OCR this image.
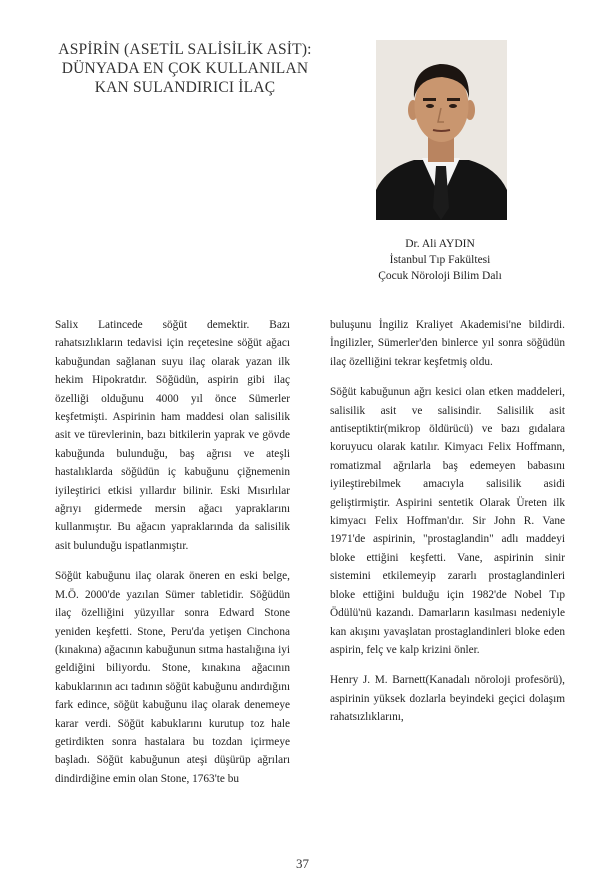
ASPİRİN (ASETİL SALİSİLİK ASİT):
DÜNYADA EN ÇOK KULLANILAN
KAN SULANDIRICI İLAÇ
Dr. Ali AYDIN
İstanbul Tıp Fakültesi
Çocuk Nöroloji Bilim Dalı

Salix Latincede söğüt demektir. Bazı rahatsızlıkların tedavisi için reçetesine söğüt ağacı kabuğundan sağlanan suyu ilaç olarak yazan ilk hekim Hipokratdır. Söğüdün, aspirin gibi ilaç özelliği olduğunu 4000 yıl önce Sümerler keşfetmişti. Aspirinin ham maddesi olan salisilik asit ve türevlerinin, bazı bitkilerin yaprak ve gövde kabuğunda bulunduğu, baş ağrısı ve ateşli hastalıklarda söğüdün iç kabuğunu çiğnemenin iyileştirici etkisi yıllardır bilinir. Eski Mısırlılar ağrıyı gidermede mersin ağacı yapraklarını kullanmıştır. Bu ağacın yapraklarında da salisilik asit bulunduğu ispatlanmıştır.

Söğüt kabuğunu ilaç olarak öneren en eski belge, M.Ö. 2000'de yazılan Sümer tabletidir. Söğüdün ilaç özelliğini yüzyıllar sonra Edward Stone yeniden keşfetti. Stone, Peru'da yetişen Cinchona (kınakına) ağacının kabuğunun sıtma hastalığına iyi geldiğini biliyordu. Stone, kınakına ağacının kabuklarının acı tadının söğüt kabuğunu andırdığını fark edince, söğüt kabuğunu ilaç olarak denemeye karar verdi. Söğüt kabuklarını kurutup toz hale getirdikten sonra hastalara bu tozdan içirmeye başladı. Söğüt kabuğunun ateşi düşürüp ağrıları dindirdiğine emin olan Stone, 1763'te bu

buluşunu İngiliz Kraliyet Akademisi'ne bildirdi. İngilizler, Sümerler'den binlerce yıl sonra söğüdün ilaç özelliğini tekrar keşfetmiş oldu.

Söğüt kabuğunun ağrı kesici olan etken maddeleri, salisilik asit ve salisindir. Salisilik asit antiseptiktir(mikrop öldürücü) ve bazı gıdalara koruyucu olarak katılır. Kimyacı Felix Hoffmann, romatizmal ağrılarla baş edemeyen babasını iyileştirebilmek amacıyla salisilik asidi geliştirmiştir. Aspirini sentetik Olarak Üreten ilk kimyacı Felix Hoffman'dır. Sir John R. Vane 1971'de aspirinin, "prostaglandin" adlı maddeyi bloke ettiğini keşfetti. Vane, aspirinin sinir sistemini etkilemeyip zararlı prostaglandinleri bloke ettiğini bulduğu için 1982'de Nobel Tıp Ödülü'nü kazandı. Damarların kasılması nedeniyle kan akışını yavaşlatan prostaglandinleri bloke eden aspirin, felç ve kalp krizini önler.

Henry J. M. Barnett(Kanadalı nöroloji profesörü), aspirinin yüksek dozlarla beyindeki geçici dolaşım rahatsızlıklarını,

37
